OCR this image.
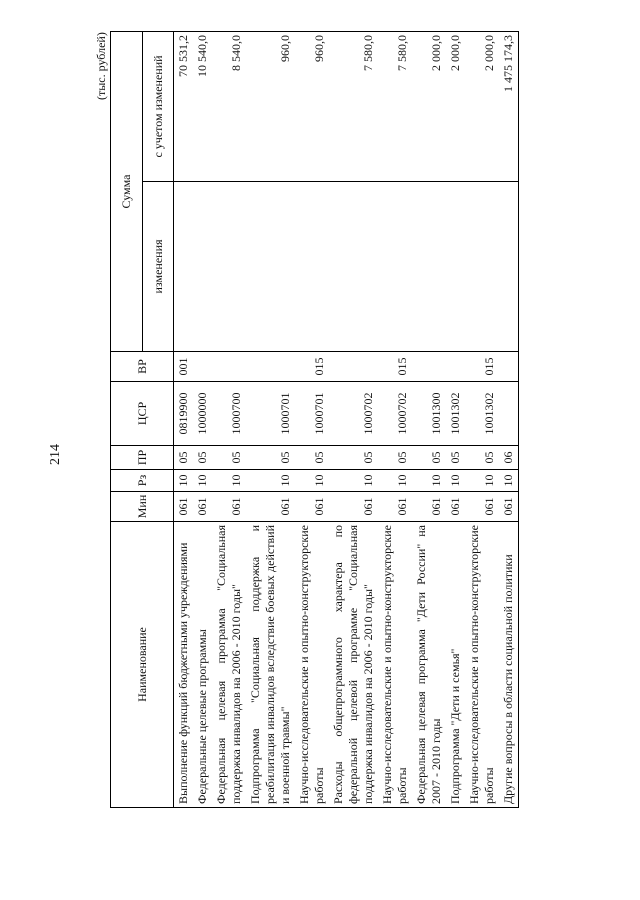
214
(тыс. рублей)
Наименование	Мин	Рз	ПР	ЦСР	ВР	Сумма	
						изменения	с учетом изменений
Выполнение функций бюджетными учреждениями	061	10	05	0819900	001		70 531,2
Федеральные целевые программы	061	10	05	1000000			10 540,0
Федеральная целевая программа "Социальная поддержка инвалидов на 2006 - 2010 годы"	061	10	05	1000700			8 540,0
Подпрограмма "Социальная поддержка и реабилитация инвалидов вследствие боевых действий и военной травмы"	061	10	05	1000701			960,0
Научно-исследовательские и опытно-конструкторские работы	061	10	05	1000701	015		960,0
Расходы общепрограммного характера по федеральной целевой программе "Социальная поддержка инвалидов на 2006 - 2010 годы"	061	10	05	1000702			7 580,0
Научно-исследовательские и опытно-конструкторские работы	061	10	05	1000702	015		7 580,0
Федеральная целевая программа "Дети России" на 2007 - 2010 годы	061	10	05	1001300			2 000,0
Подпрограмма "Дети и семья"	061	10	05	1001302			2 000,0
Научно-исследовательские и опытно-конструкторские работы	061	10	05	1001302	015		2 000,0
Другие вопросы в области социальной политики	061	10	06				1 475 174,3
